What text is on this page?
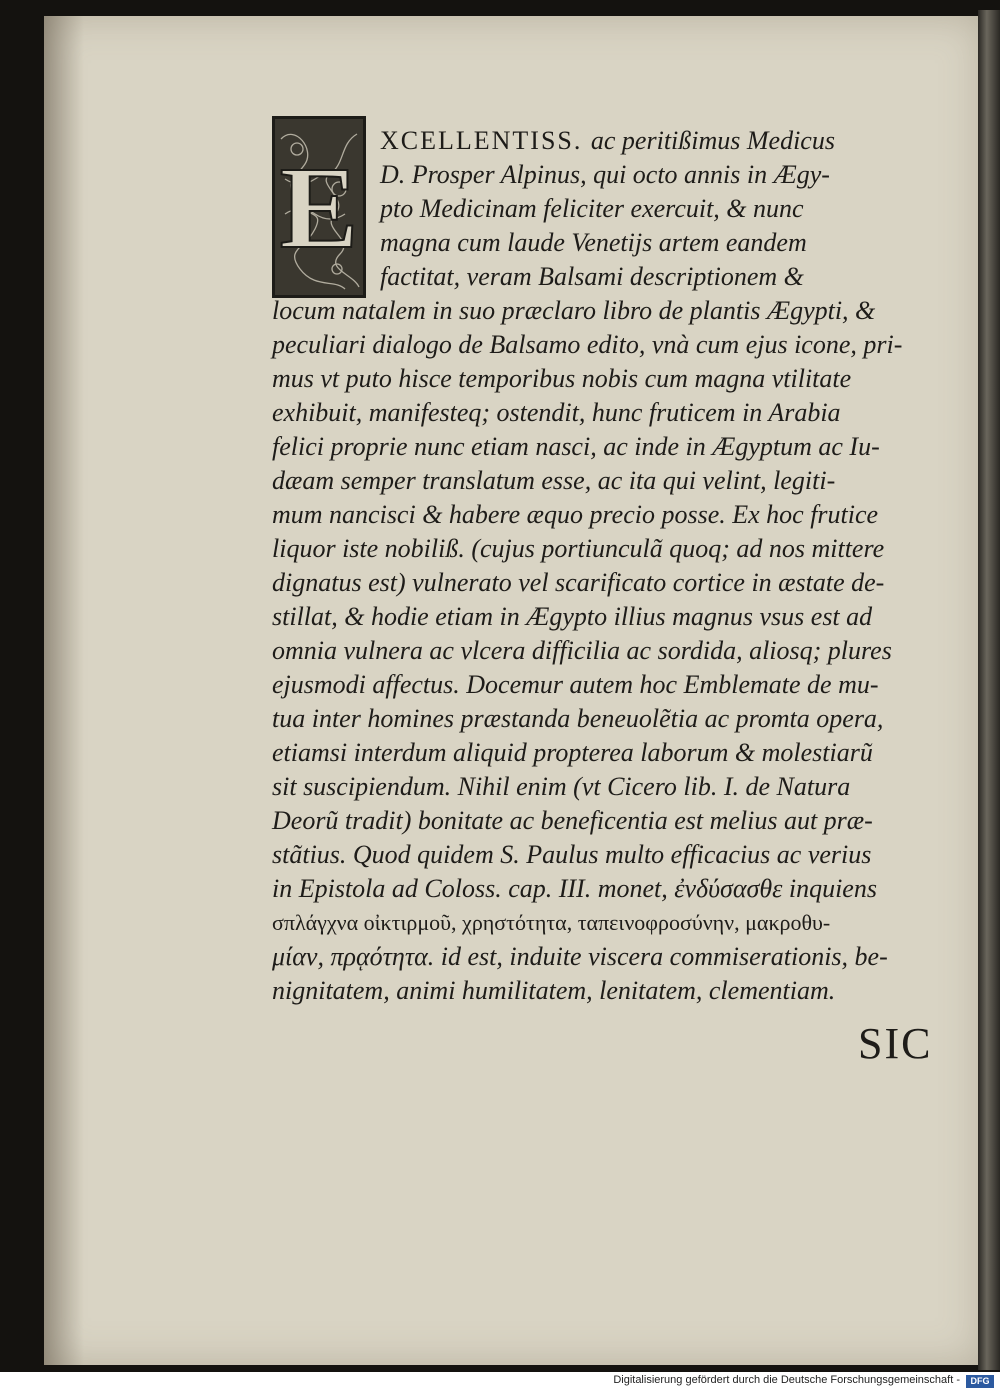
E
XCELLENTISS. ac peritißimus Medicus
D. Prosper Alpinus, qui octo annis in Ægy-
pto Medicinam feliciter exercuit, & nunc
magna cum laude Venetijs artem eandem
factitat, veram Balsami descriptionem &
locum natalem in suo præclaro libro de plantis Ægypti, &
peculiari dialogo de Balsamo edito, vnà cum ejus icone, pri-
mus vt puto hisce temporibus nobis cum magna vtilitate
exhibuit, manifesteq; ostendit, hunc fruticem in Arabia
felici proprie nunc etiam nasci, ac inde in Ægyptum ac Iu-
dæam semper translatum esse, ac ita qui velint, legiti-
mum nancisci & habere æquo precio posse. Ex hoc frutice
liquor iste nobiliß. (cujus portiunculã quoq; ad nos mittere
dignatus est) vulnerato vel scarificato cortice in æstate de-
stillat, & hodie etiam in Ægypto illius magnus vsus est ad
omnia vulnera ac vlcera difficilia ac sordida, aliosq; plures
ejusmodi affectus. Docemur autem hoc Emblemate de mu-
tua inter homines præstanda beneuolẽtia ac promta opera,
etiamsi interdum aliquid propterea laborum & molestiarũ
sit suscipiendum. Nihil enim (vt Cicero lib. I. de Natura
Deorũ tradit) bonitate ac beneficentia est melius aut præ-
stãtius. Quod quidem S. Paulus multo efficacius ac verius
in Epistola ad Coloss. cap. III. monet, ἐνδύσασθε inquiens
σπλάγχνα οἰκτιρμοῦ, χρηστότητα, ταπεινοφροσύνην, μακροθυ-
μίαν, πρᾳότητα. id est, induite viscera commiserationis, be-
nignitatem, animi humilitatem, lenitatem, clementiam.
SIC
Digitalisierung gefördert durch die Deutsche Forschungsgemeinschaft -	DFG
